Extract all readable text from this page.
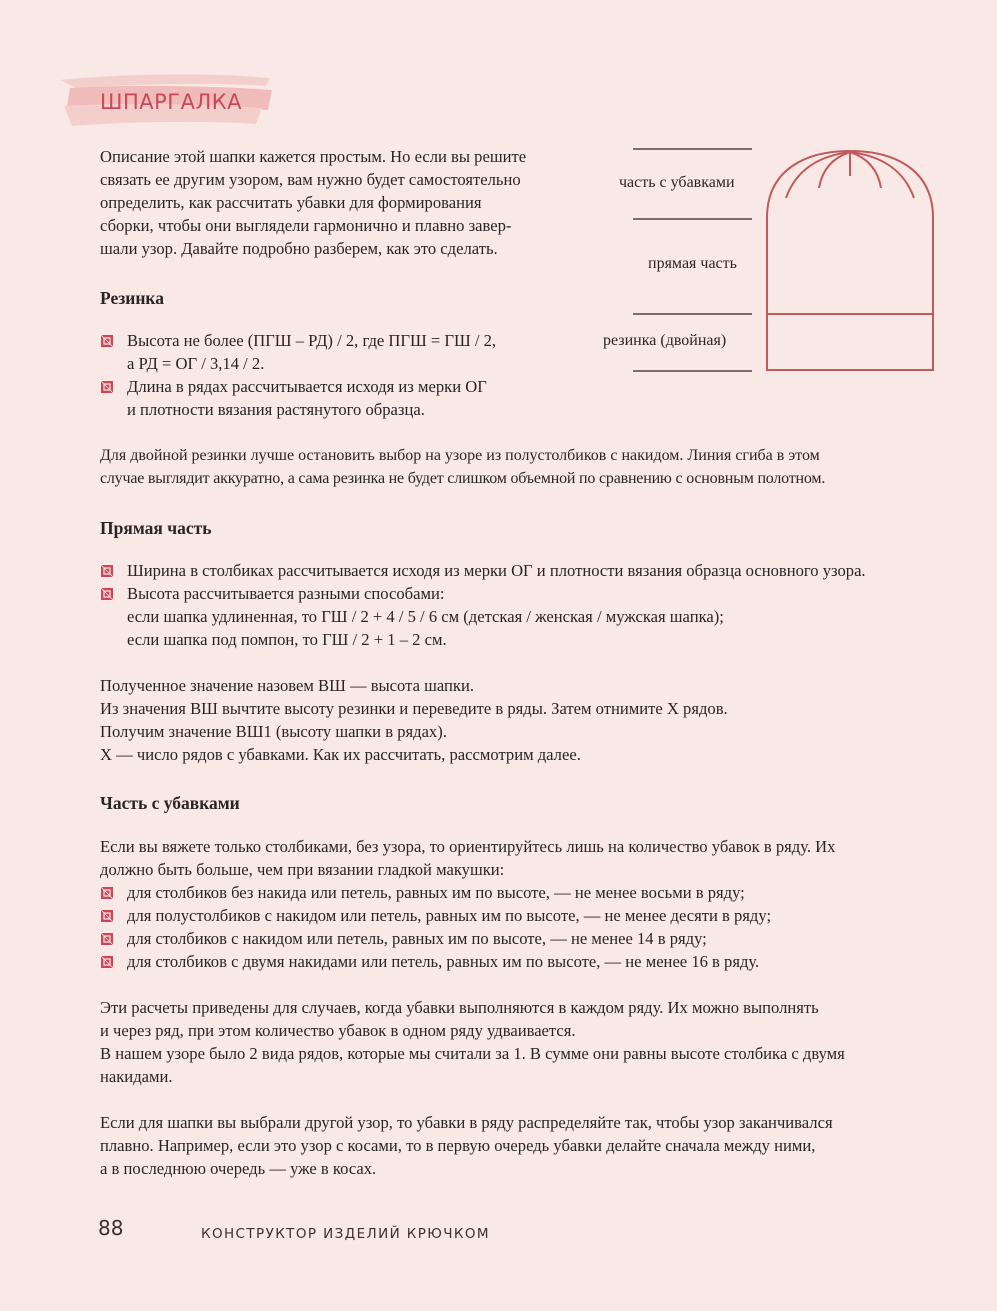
ШПАРГАЛКА

Описание этой шапки кажется простым. Но если вы решите

связать ее другим узором, вам нужно будет самостоятельно

определить, как рассчитать убавки для формирования

сборки, чтобы они выглядели гармонично и плавно завер-

шали узор. Давайте подробно разберем, как это сделать.

часть с убавками
прямая часть
резинка (двойная)
Резинка
Высота не более (ПГШ – РД) / 2, где ПГШ = ГШ / 2,
а РД = ОГ / 3,14 / 2.
Длина в рядах рассчитывается исходя из мерки ОГ
и плотности вязания растянутого образца.

Для двойной резинки лучше остановить выбор на узоре из полустолбиков с накидом. Линия сгиба в этом

случае выглядит аккуратно, а сама резинка не будет слишком объемной по сравнению с основным полотном.

Прямая часть
Ширина в столбиках рассчитывается исходя из мерки ОГ и плотности вязания образца основного узора.
Высота рассчитывается разными способами:
если шапка удлиненная, то ГШ / 2 + 4 / 5 / 6 см (детская / женская / мужская шапка);
если шапка под помпон, то ГШ / 2 + 1 – 2 см.

Полученное значение назовем ВШ — высота шапки.

Из значения ВШ вычтите высоту резинки и переведите в ряды. Затем отнимите Х рядов.

Получим значение ВШ1 (высоту шапки в рядах).

Х — число рядов с убавками. Как их рассчитать, рассмотрим далее.

Часть с убавками

Если вы вяжете только столбиками, без узора, то ориентируйтесь лишь на количество убавок в ряду. Их

должно быть больше, чем при вязании гладкой макушки:

для столбиков без накида или петель, равных им по высоте, — не менее восьми в ряду;
для полустолбиков с накидом или петель, равных им по высоте, — не менее десяти в ряду;
для столбиков с накидом или петель, равных им по высоте, — не менее 14 в ряду;
для столбиков с двумя накидами или петель, равных им по высоте, — не менее 16 в ряду.

Эти расчеты приведены для случаев, когда убавки выполняются в каждом ряду. Их можно выполнять

и через ряд, при этом количество убавок в одном ряду удваивается.

В нашем узоре было 2 вида рядов, которые мы считали за 1. В сумме они равны высоте столбика с двумя

накидами.

Если для шапки вы выбрали другой узор, то убавки в ряду распределяйте так, чтобы узор заканчивался

плавно. Например, если это узор с косами, то в первую очередь убавки делайте сначала между ними,

а в последнюю очередь — уже в косах.

88	КОНСТРУКТОР ИЗДЕЛИЙ КРЮЧКОМ
